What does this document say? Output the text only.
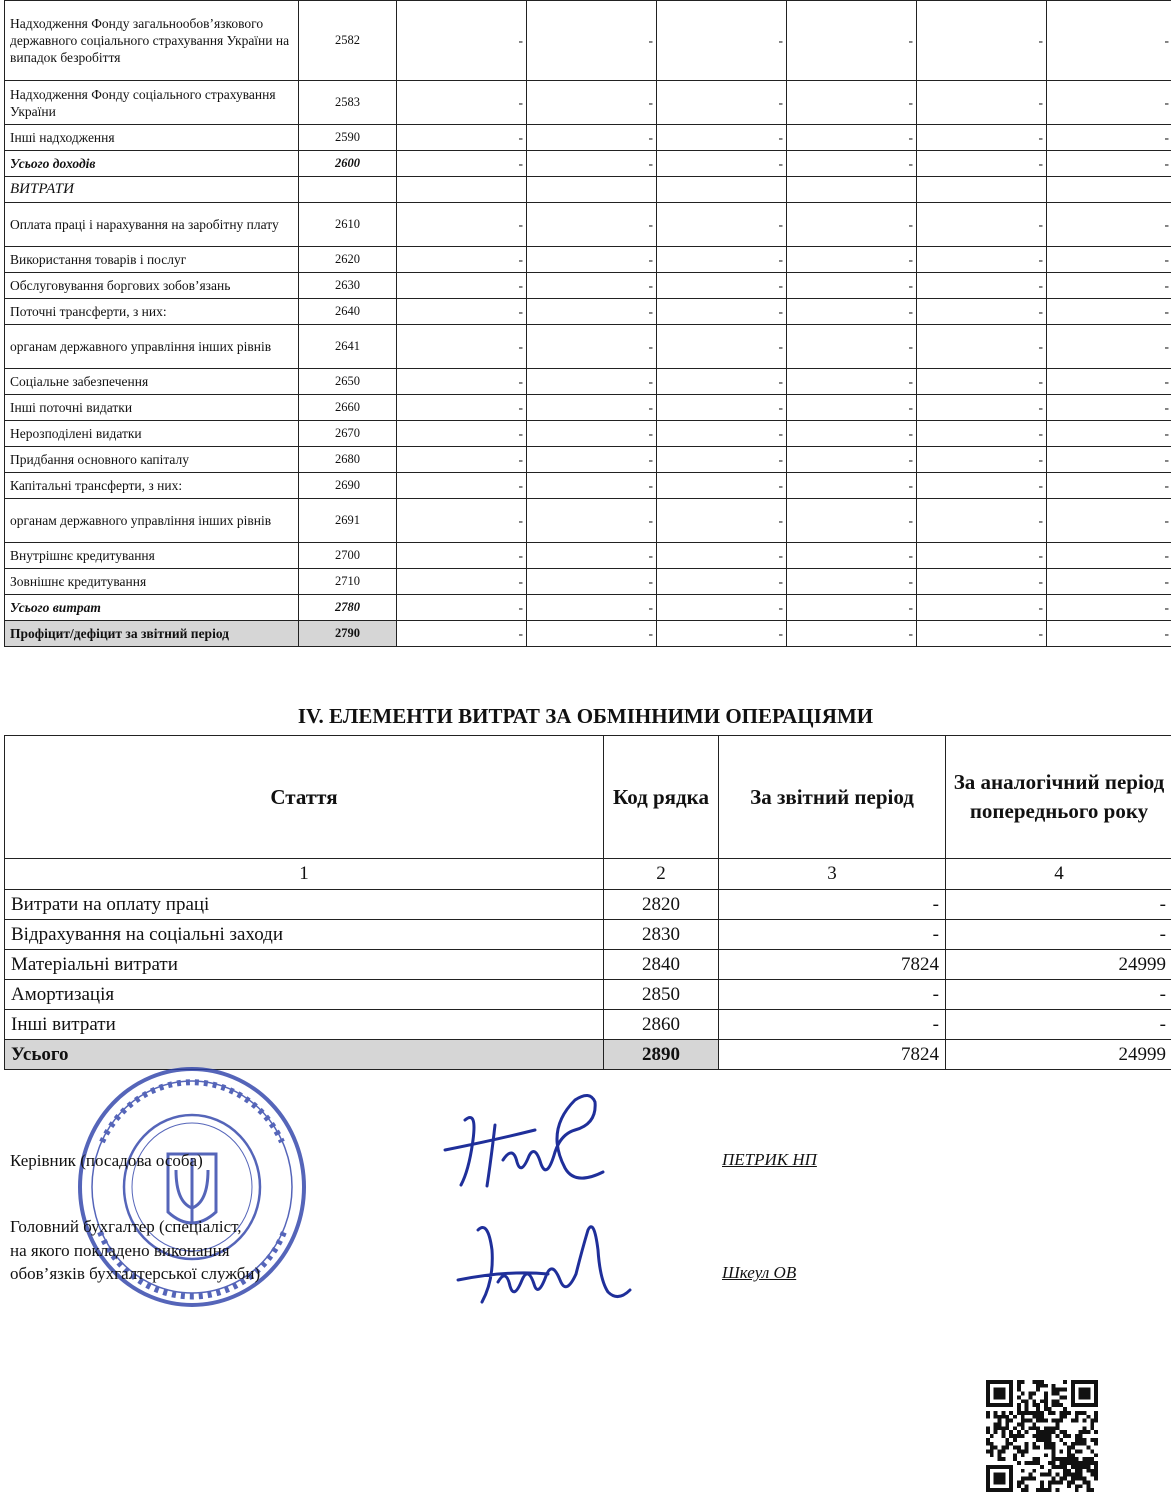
Надходження Фонду загальнообов’язкового державного соціального страхування України на випадок безробіття	2582	-	-	-	-	-	-
Надходження Фонду соціального страхування України	2583	-	-	-	-	-	-
Інші надходження	2590	-	-	-	-	-	-
Усього доходів	2600	-	-	-	-	-	-
ВИТРАТИ							
Оплата праці і нарахування на заробітну плату	2610	-	-	-	-	-	-
Використання товарів і послуг	2620	-	-	-	-	-	-
Обслуговування боргових зобов’язань	2630	-	-	-	-	-	-
Поточні трансферти, з них:	2640	-	-	-	-	-	-
органам державного управління інших рівнів	2641	-	-	-	-	-	-
Соціальне забезпечення	2650	-	-	-	-	-	-
Інші поточні видатки	2660	-	-	-	-	-	-
Нерозподілені видатки	2670	-	-	-	-	-	-
Придбання основного капіталу	2680	-	-	-	-	-	-
Капітальні трансферти, з них:	2690	-	-	-	-	-	-
органам державного управління інших рівнів	2691	-	-	-	-	-	-
Внутрішнє кредитування	2700	-	-	-	-	-	-
Зовнішнє кредитування	2710	-	-	-	-	-	-
Усього витрат	2780	-	-	-	-	-	-
Профіцит/дефіцит за звітний період	2790	-	-	-	-	-	-
IV. ЕЛЕМЕНТИ ВИТРАТ ЗА ОБМІННИМИ ОПЕРАЦІЯМИ
Стаття	Код рядка	За звітний період	За аналогічний період попереднього року
1	2	3	4
Витрати на оплату праці	2820	-	-
Відрахування на соціальні заходи	2830	-	-
Матеріальні витрати	2840	7824	24999
Амортизація	2850	-	-
Інші витрати	2860	-	-
Усього	2890	7824	24999
Керівник (посадова особа)	ПЕТРИК НП
Головний бухгалтер (спеціаліст,
на якого покладено виконання
обов’язків бухгалтерської служби)	Шкеул ОВ
